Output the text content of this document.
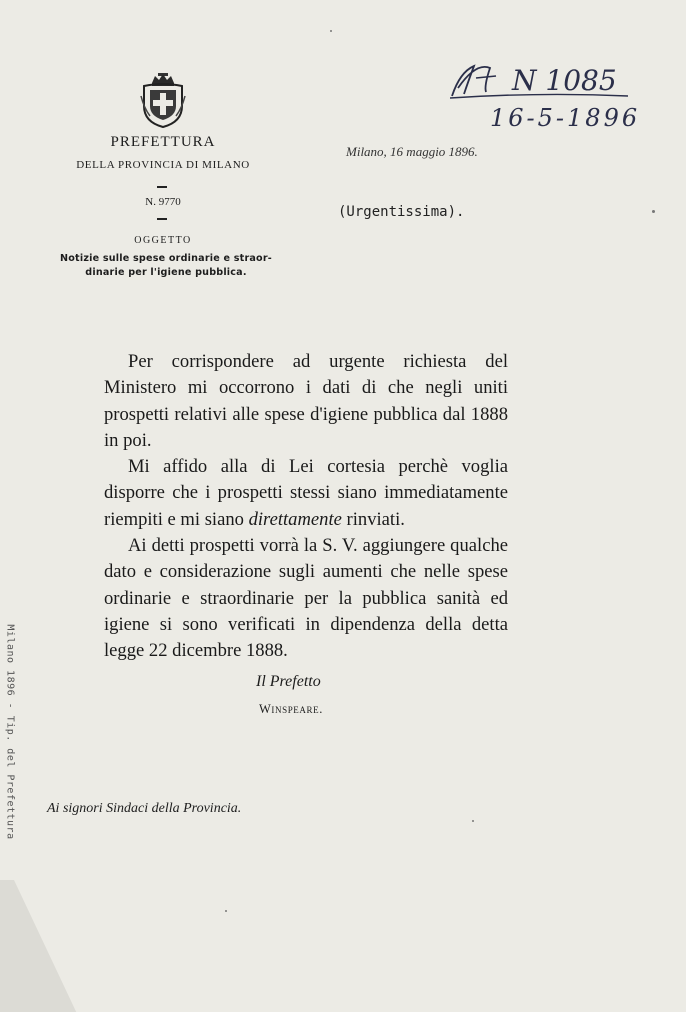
PREFETTURA
DELLA PROVINCIA DI MILANO
N. 9770
OGGETTO
Notizie sulle spese ordinarie e straor-
dinarie per l'igiene pubblica.
Milano, 16 maggio 1896.
(Urgentissima).
N 1085
16-5-1896

Per corrispondere ad urgente richiesta del Ministero mi occorrono i dati di che negli uniti prospetti relativi alle spese d'igiene pubblica dal 1888 in poi.

Mi affido alla di Lei cortesia perchè voglia disporre che i prospetti stessi siano immediatamente riempiti e mi siano direttamente rinviati.

Ai detti prospetti vorrà la S. V. aggiungere qualche dato e considerazione sugli aumenti che nelle spese ordinarie e straordinarie per la pubblica sanità ed igiene si sono verificati in dipendenza della detta legge 22 dicembre 1888.

Il Prefetto
Winspeare.
Ai signori Sindaci della Provincia.
Milano 1896 - Tip. del Prefettura
